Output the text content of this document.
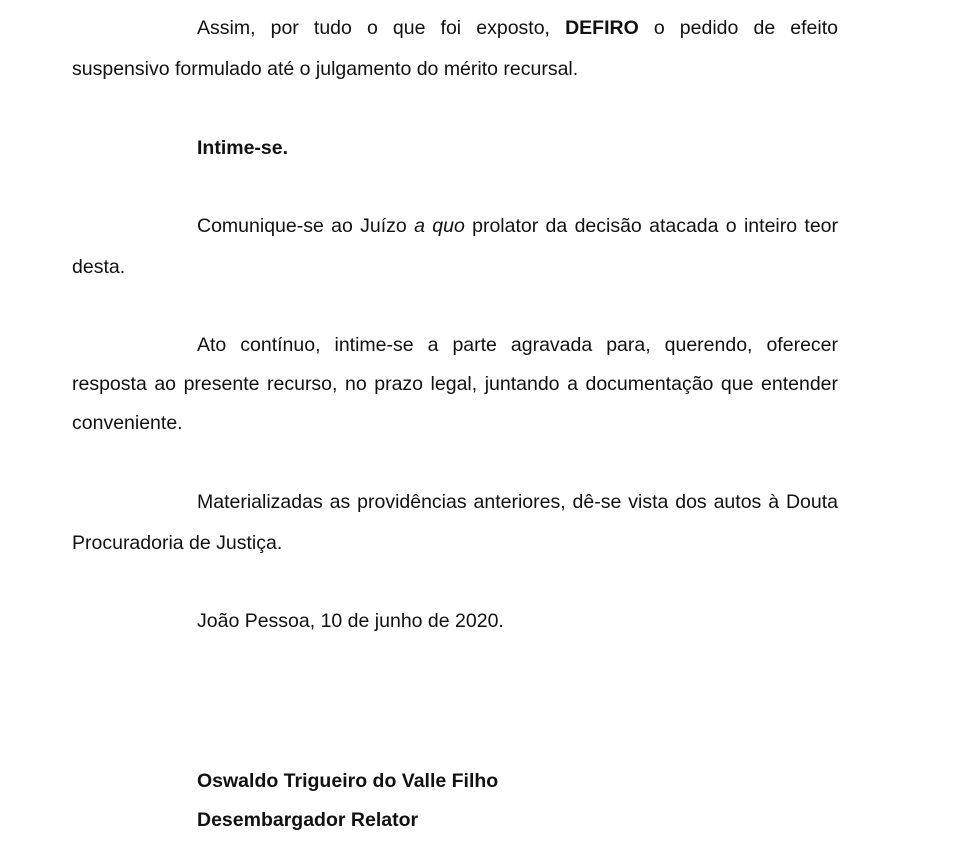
Assim, por tudo o que foi exposto, DEFIRO o pedido de efeito
suspensivo formulado até o julgamento do mérito recursal.
Intime-se.
Comunique-se ao Juízo a quo prolator da decisão atacada o inteiro teor
desta.
Ato contínuo, intime-se a parte agravada para, querendo, oferecer
resposta ao presente recurso, no prazo legal, juntando a documentação que entender
conveniente.
Materializadas as providências anteriores, dê-se vista dos autos à Douta
Procuradoria de Justiça.
João Pessoa, 10 de junho de 2020.
Oswaldo Trigueiro do Valle Filho
Desembargador Relator
